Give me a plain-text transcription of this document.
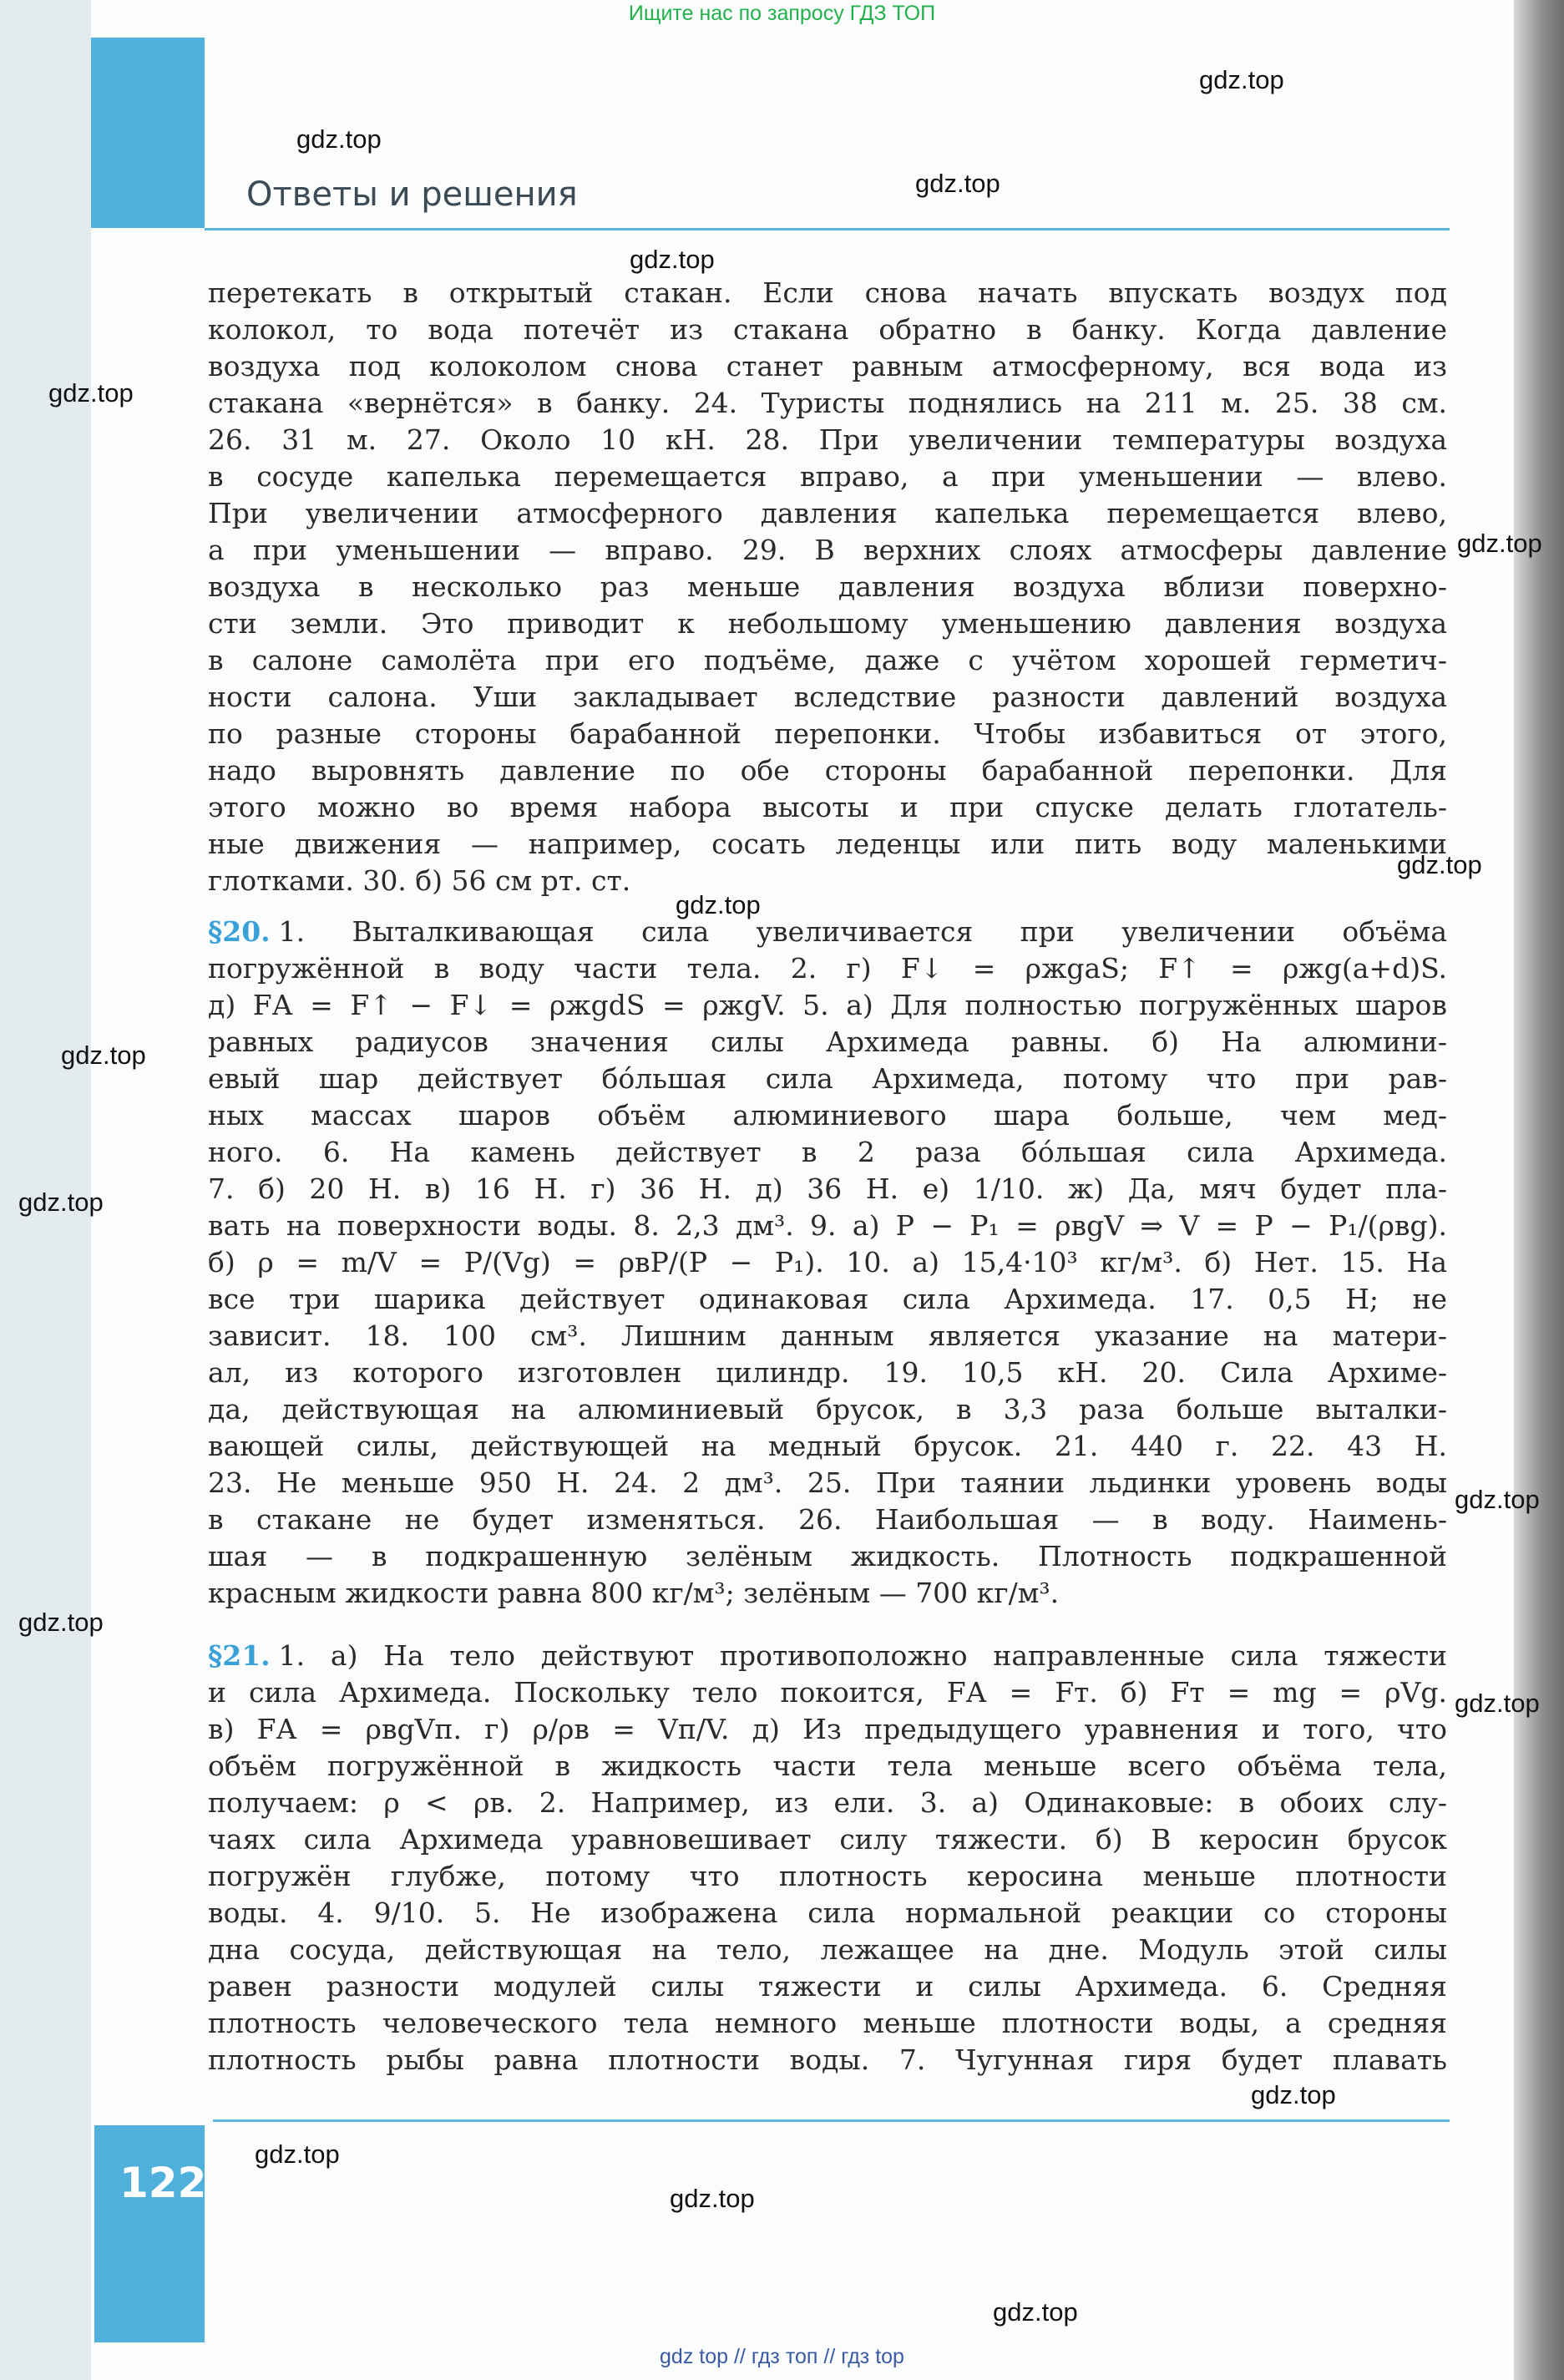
Ищите нас по запросу ГДЗ ТОП
Ответы и решения
перетекать в открытый стакан. Если снова начать впускать воздух под
колокол, то вода потечёт из стакана обратно в банку. Когда давление
воздуха под колоколом снова станет равным атмосферному, вся вода из
стакана «вернётся» в банку. 24. Туристы поднялись на 211 м. 25. 38 см.
26. 31 м. 27. Около 10 кН. 28. При увеличении температуры воздуха
в сосуде капелька перемещается вправо, а при уменьшении — влево.
При увеличении атмосферного давления капелька перемещается влево,
а при уменьшении — вправо. 29. В верхних слоях атмосферы давление
воздуха в несколько раз меньше давления воздуха вблизи поверхно-
сти земли. Это приводит к небольшому уменьшению давления воздуха
в салоне самолёта при его подъёме, даже с учётом хорошей герметич-
ности салона. Уши закладывает вследствие разности давлений воздуха
по разные стороны барабанной перепонки. Чтобы избавиться от этого,
надо выровнять давление по обе стороны барабанной перепонки. Для
этого можно во время набора высоты и при спуске делать глотатель-
ные движения — например, сосать леденцы или пить воду маленькими
глотками. 30. б) 56 см рт. ст.
§20. 1. Выталкивающая сила увеличивается при увеличении объёма
погружённой в воду части тела. 2. г) F↓ = ρжgaS; F↑ = ρжg(a+d)S.
д) FА = F↑ − F↓ = ρжgdS = ρжgV. 5. а) Для полностью погружённых шаров
равных радиусов значения силы Архимеда равны. б) На алюмини-
евый шар действует бóльшая сила Архимеда, потому что при рав-
ных массах шаров объём алюминиевого шара больше, чем мед-
ного. 6. На камень действует в 2 раза бóльшая сила Архимеда.
7. б) 20 Н. в) 16 Н. г) 36 Н. д) 36 Н. е) 1/10. ж) Да, мяч будет пла-
вать на поверхности воды. 8. 2,3 дм³. 9. а) P − P₁ = ρвgV ⇒ V = P − P₁/(ρвg).
б) ρ = m/V = P/(Vg) = ρвP/(P − P₁). 10. а) 15,4·10³ кг/м³. б) Нет. 15. На
все три шарика действует одинаковая сила Архимеда. 17. 0,5 Н; не
зависит. 18. 100 см³. Лишним данным является указание на матери-
ал, из которого изготовлен цилиндр. 19. 10,5 кН. 20. Сила Архиме-
да, действующая на алюминиевый брусок, в 3,3 раза больше выталки-
вающей силы, действующей на медный брусок. 21. 440 г. 22. 43 Н.
23. Не меньше 950 Н. 24. 2 дм³. 25. При таянии льдинки уровень воды
в стакане не будет изменяться. 26. Наибольшая — в воду. Наимень-
шая — в подкрашенную зелёным жидкость. Плотность подкрашенной
красным жидкости равна 800 кг/м³; зелёным — 700 кг/м³.
§21. 1. а) На тело действуют противоположно направленные сила тяжести
и сила Архимеда. Поскольку тело покоится, FА = Fт. б) Fт = mg = ρVg.
в) FА = ρвgVп. г) ρ/ρв = Vп/V. д) Из предыдущего уравнения и того, что
объём погружённой в жидкость части тела меньше всего объёма тела,
получаем: ρ < ρв. 2. Например, из ели. 3. а) Одинаковые: в обоих слу-
чаях сила Архимеда уравновешивает силу тяжести. б) В керосин брусок
погружён глубже, потому что плотность керосина меньше плотности
воды. 4. 9/10. 5. Не изображена сила нормальной реакции со стороны
дна сосуда, действующая на тело, лежащее на дне. Модуль этой силы
равен разности модулей силы тяжести и силы Архимеда. 6. Средняя
плотность человеческого тела немного меньше плотности воды, а средняя
плотность рыбы равна плотности воды. 7. Чугунная гиря будет плавать
122
gdz top // гдз топ // гдз top
gdz.top
gdz.top
gdz.top
gdz.top
gdz.top
gdz.top
gdz.top
gdz.top
gdz.top
gdz.top
gdz.top
gdz.top
gdz.top
gdz.top
gdz.top
gdz.top
gdz.top
